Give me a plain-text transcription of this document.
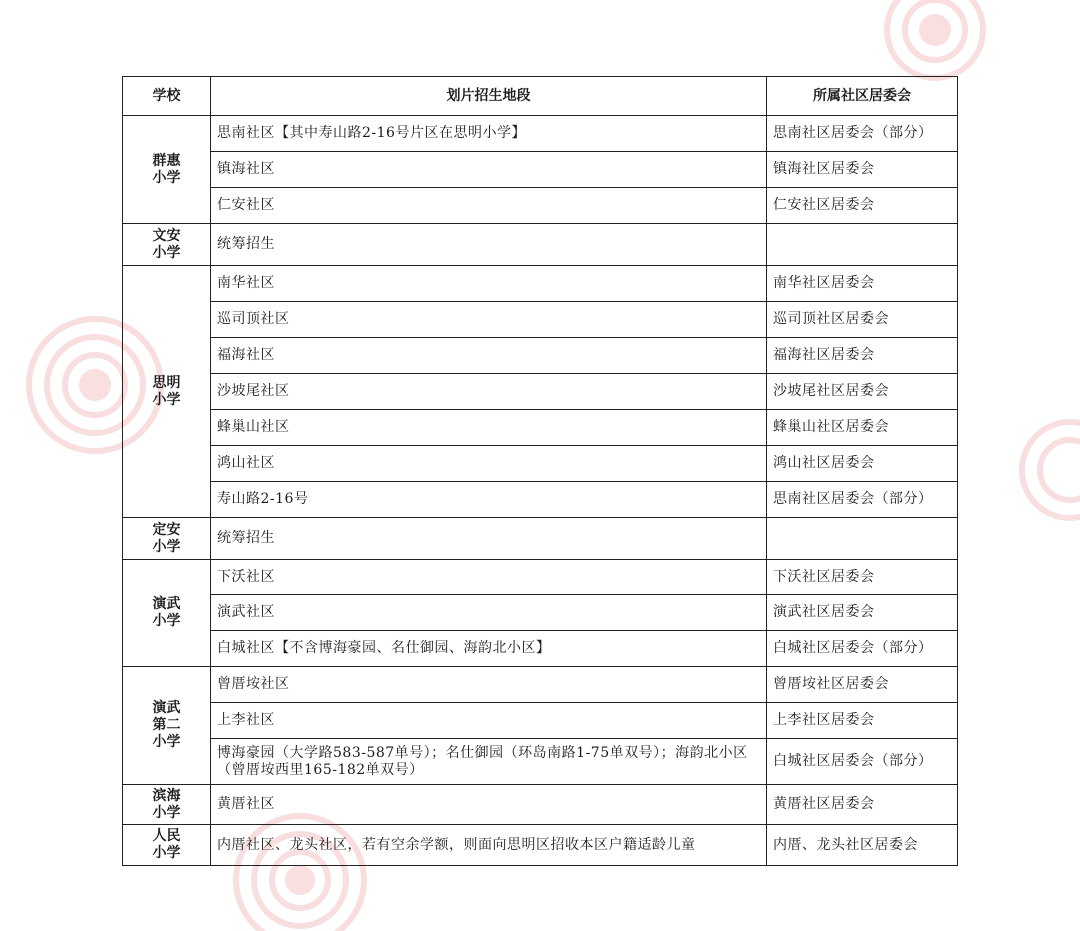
学校	划片招生地段	所属社区居委会

群惠小学	思南社区【其中寿山路2-16号片区在思明小学】	思南社区居委会（部分）
	镇海社区	镇海社区居委会
	仁安社区	仁安社区居委会

文安小学	统筹招生	

思明小学	南华社区	南华社区居委会
	巡司顶社区	巡司顶社区居委会
	福海社区	福海社区居委会
	沙坡尾社区	沙坡尾社区居委会
	蜂巢山社区	蜂巢山社区居委会
	鸿山社区	鸿山社区居委会
	寿山路2-16号	思南社区居委会（部分）

定安小学	统筹招生	

演武小学	下沃社区	下沃社区居委会
	演武社区	演武社区居委会
	白城社区【不含博海豪园、名仕御园、海韵北小区】	白城社区居委会（部分）

演武第二小学	曾厝垵社区	曾厝垵社区居委会
	上李社区	上李社区居委会
	博海豪园（大学路583-587单号）；名仕御园（环岛南路1-75单双号）；海韵北小区（曾厝垵西里165-182单双号）	白城社区居委会（部分）

滨海小学	黄厝社区	黄厝社区居委会

人民小学	内厝社区、龙头社区，若有空余学额，则面向思明区招收本区户籍适龄儿童	内厝、龙头社区居委会
